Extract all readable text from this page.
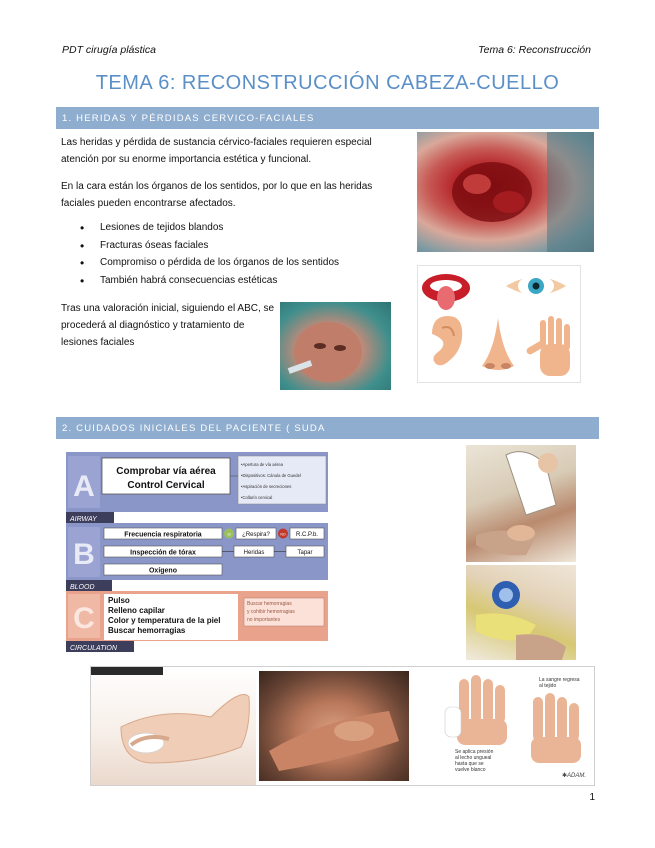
PDT cirugía plástica	Tema 6: Reconstrucción
TEMA 6: RECONSTRUCCIÓN CABEZA-CUELLO
1. HERIDAS Y PÉRDIDAS CERVICO-FACIALES

Las heridas y pérdida de sustancia cérvico-faciales requieren especial atención por su enorme importancia estética y funcional.

En la cara están los órganos de los sentidos, por lo que en las heridas faciales pueden encontrarse afectados.

• Lesiones de tejidos blandos
• Fracturas óseas faciales
• Compromiso o pérdida de los órganos de los sentidos
• También habrá consecuencias estéticas

Tras una valoración inicial, siguiendo el ABC, se procederá al diagnóstico y tratamiento de lesiones faciales

2. CUIDADOS INICIALES DEL PACIENTE ( SUDA
A Comprobar vía aérea
Control Cervical
•Apertura de vía aérea
•Dispositivos: Cánula de Guedel
•Aspiración de secreciones
•Collarín cervical
AIRWAY
B
Frecuencia respiratoria	SI ¿Respira?	NO R.C.P.b.
Inspección de tórax	Heridas	Tapar
Oxígeno
BLOOD
C
Pulso
Relleno capilar
Color y temperatura de la piel
Buscar hemorragias
Buscar hemorragias
y cohibir hemorragias
no importantes
CIRCULATION
La sangre regresa
al tejido
Se aplica presión
al lecho ungueal
hasta que se
vuelve blanco
✱ADAM.
1
